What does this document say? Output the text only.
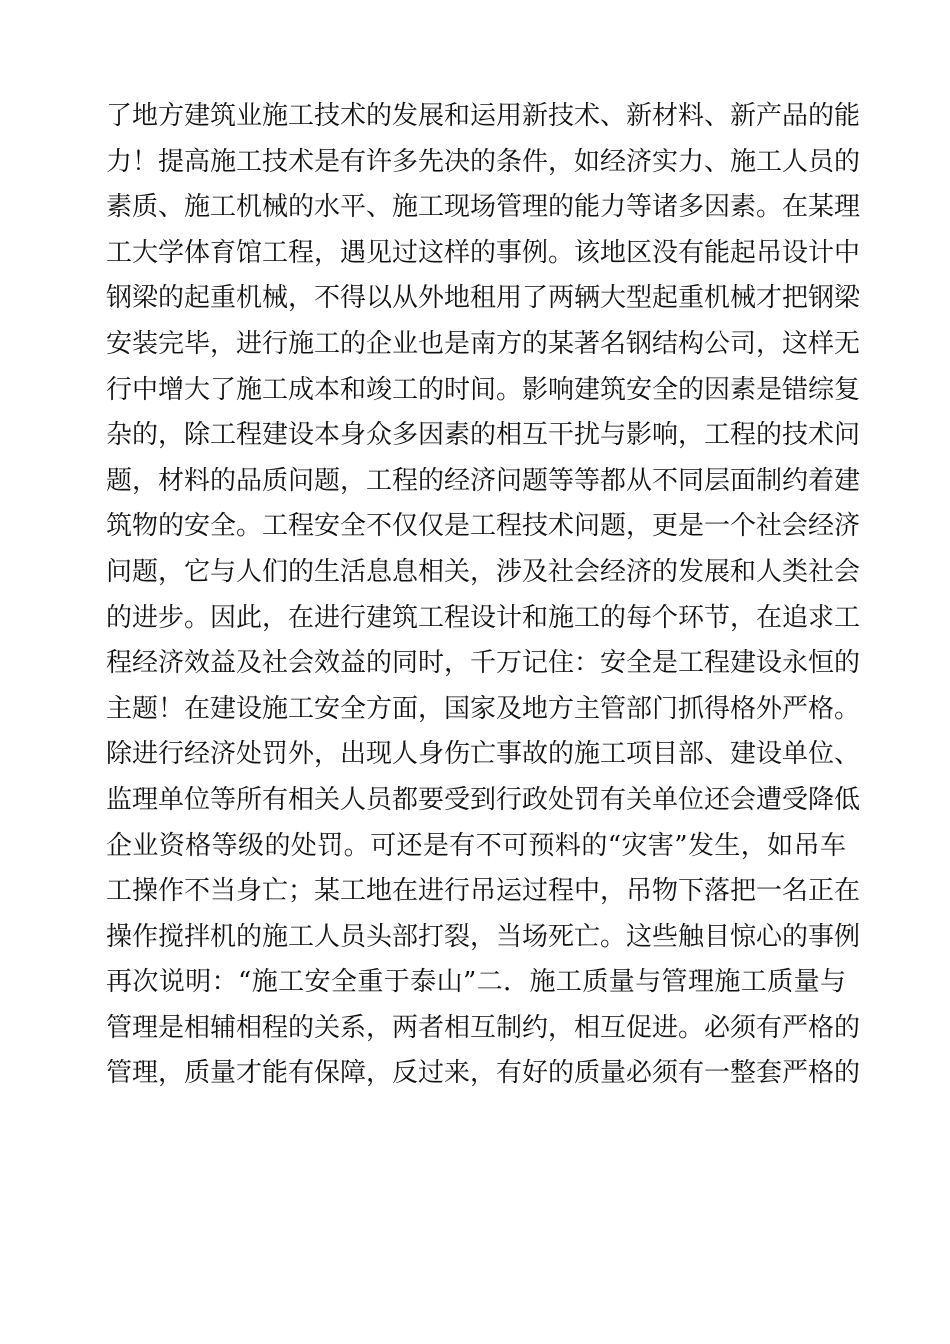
了地方建筑业施工技术的发展和运用新技术、新材料、新产品的能
力！提高施工技术是有许多先决的条件，如经济实力、施工人员的
素质、施工机械的水平、施工现场管理的能力等诸多因素。在某理
工大学体育馆工程，遇见过这样的事例。该地区没有能起吊设计中
钢梁的起重机械，不得以从外地租用了两辆大型起重机械才把钢梁
安装完毕，进行施工的企业也是南方的某著名钢结构公司，这样无
行中增大了施工成本和竣工的时间。影响建筑安全的因素是错综复
杂的，除工程建设本身众多因素的相互干扰与影响，工程的技术问
题，材料的品质问题，工程的经济问题等等都从不同层面制约着建
筑物的安全。工程安全不仅仅是工程技术问题，更是一个社会经济
问题，它与人们的生活息息相关，涉及社会经济的发展和人类社会
的进步。因此，在进行建筑工程设计和施工的每个环节，在追求工
程经济效益及社会效益的同时，千万记住：安全是工程建设永恒的
主题！在建设施工安全方面，国家及地方主管部门抓得格外严格。
除进行经济处罚外，出现人身伤亡事故的施工项目部、建设单位、
监理单位等所有相关人员都要受到行政处罚有关单位还会遭受降低
企业资格等级的处罚。可还是有不可预料的“灾害”发生，如吊车
工操作不当身亡；某工地在进行吊运过程中，吊物下落把一名正在
操作搅拌机的施工人员头部打裂，当场死亡。这些触目惊心的事例
再次说明：“施工安全重于泰山”二．施工质量与管理施工质量与
管理是相辅相程的关系，两者相互制约，相互促进。必须有严格的
管理，质量才能有保障，反过来，有好的质量必须有一整套严格的
